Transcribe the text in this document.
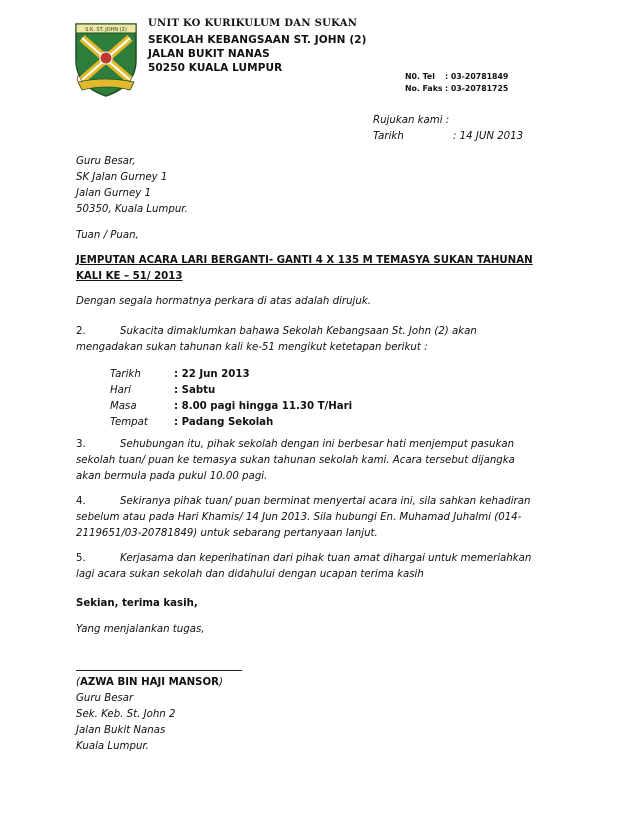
S.K. ST. JOHN (2)
(
UNIT KO KURIKULUM DAN SUKAN
SEKOLAH KEBANGSAAN ST. JOHN (2)
JALAN BUKIT NANAS
50250 KUALA LUMPUR
N0. Tel : 03-20781849
No. Faks : 03-20781725
Rujukan kami :
Tarikh	: 14 JUN 2013
Guru Besar,
SK Jalan Gurney 1
Jalan Gurney 1
50350, Kuala Lumpur.
Tuan / Puan,
JEMPUTAN ACARA LARI BERGANTI- GANTI 4 X 135 M TEMASYA SUKAN TAHUNAN
KALI KE – 51/ 2013
Dengan segala hormatnya perkara di atas adalah dirujuk.
2.	Sukacita dimaklumkan bahawa Sekolah Kebangsaan St. John (2) akan
mengadakan sukan tahunan kali ke-51 mengikut ketetapan berikut :
Tarikh	: 22 Jun 2013
Hari	: Sabtu
Masa	: 8.00 pagi hingga 11.30 T/Hari
Tempat	: Padang Sekolah
3.	Sehubungan itu, pihak sekolah dengan ini berbesar hati menjemput pasukan
sekolah tuan/ puan ke temasya sukan tahunan sekolah kami. Acara tersebut dijangka
akan bermula pada pukul 10.00 pagi.
4.	Sekiranya pihak tuan/ puan berminat menyertai acara ini, sila sahkan kehadiran
sebelum atau pada Hari Khamis/ 14 Jun 2013. Sila hubungi En. Muhamad Juhalmi (014-
2119651/03-20781849) untuk sebarang pertanyaan lanjut.
5.	Kerjasama dan keperihatinan dari pihak tuan amat dihargai untuk memeriahkan
lagi acara sukan sekolah dan didahului dengan ucapan terima kasih
Sekian, terima kasih,
Yang menjalankan tugas,
(AZWA BIN HAJI MANSOR)
Guru Besar
Sek. Keb. St. John 2
Jalan Bukit Nanas
Kuala Lumpur.
